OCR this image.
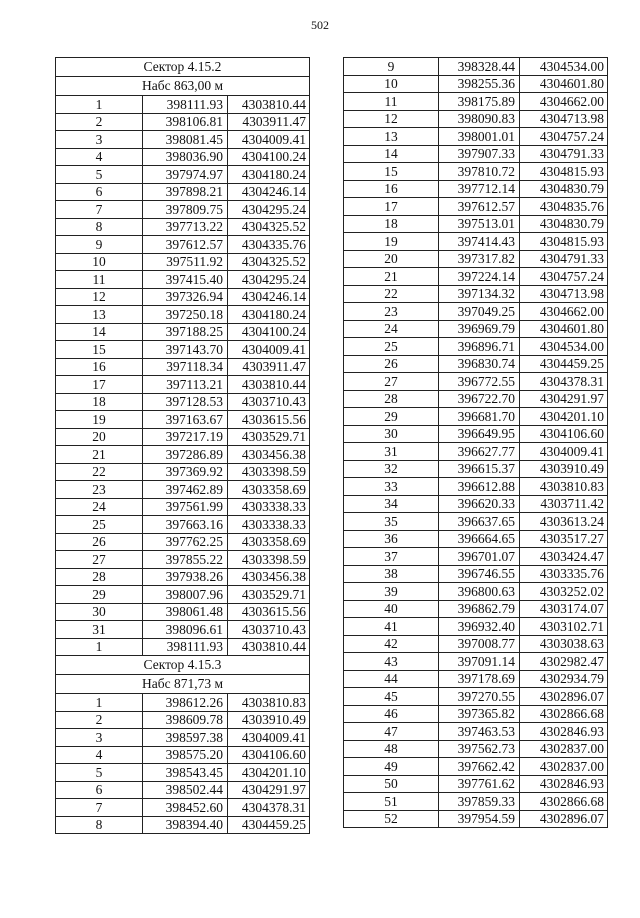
502
Сектор 4.15.2		
Набс 863,00 м		
1	398111.93	4303810.44
2	398106.81	4303911.47
3	398081.45	4304009.41
4	398036.90	4304100.24
5	397974.97	4304180.24
6	397898.21	4304246.14
7	397809.75	4304295.24
8	397713.22	4304325.52
9	397612.57	4304335.76
10	397511.92	4304325.52
11	397415.40	4304295.24
12	397326.94	4304246.14
13	397250.18	4304180.24
14	397188.25	4304100.24
15	397143.70	4304009.41
16	397118.34	4303911.47
17	397113.21	4303810.44
18	397128.53	4303710.43
19	397163.67	4303615.56
20	397217.19	4303529.71
21	397286.89	4303456.38
22	397369.92	4303398.59
23	397462.89	4303358.69
24	397561.99	4303338.33
25	397663.16	4303338.33
26	397762.25	4303358.69
27	397855.22	4303398.59
28	397938.26	4303456.38
29	398007.96	4303529.71
30	398061.48	4303615.56
31	398096.61	4303710.43
1	398111.93	4303810.44
Сектор 4.15.3		
Набс 871,73 м		
1	398612.26	4303810.83
2	398609.78	4303910.49
3	398597.38	4304009.41
4	398575.20	4304106.60
5	398543.45	4304201.10
6	398502.44	4304291.97
7	398452.60	4304378.31
8	398394.40	4304459.25
9	398328.44	4304534.00
10	398255.36	4304601.80
11	398175.89	4304662.00
12	398090.83	4304713.98
13	398001.01	4304757.24
14	397907.33	4304791.33
15	397810.72	4304815.93
16	397712.14	4304830.79
17	397612.57	4304835.76
18	397513.01	4304830.79
19	397414.43	4304815.93
20	397317.82	4304791.33
21	397224.14	4304757.24
22	397134.32	4304713.98
23	397049.25	4304662.00
24	396969.79	4304601.80
25	396896.71	4304534.00
26	396830.74	4304459.25
27	396772.55	4304378.31
28	396722.70	4304291.97
29	396681.70	4304201.10
30	396649.95	4304106.60
31	396627.77	4304009.41
32	396615.37	4303910.49
33	396612.88	4303810.83
34	396620.33	4303711.42
35	396637.65	4303613.24
36	396664.65	4303517.27
37	396701.07	4303424.47
38	396746.55	4303335.76
39	396800.63	4303252.02
40	396862.79	4303174.07
41	396932.40	4303102.71
42	397008.77	4303038.63
43	397091.14	4302982.47
44	397178.69	4302934.79
45	397270.55	4302896.07
46	397365.82	4302866.68
47	397463.53	4302846.93
48	397562.73	4302837.00
49	397662.42	4302837.00
50	397761.62	4302846.93
51	397859.33	4302866.68
52	397954.59	4302896.07
